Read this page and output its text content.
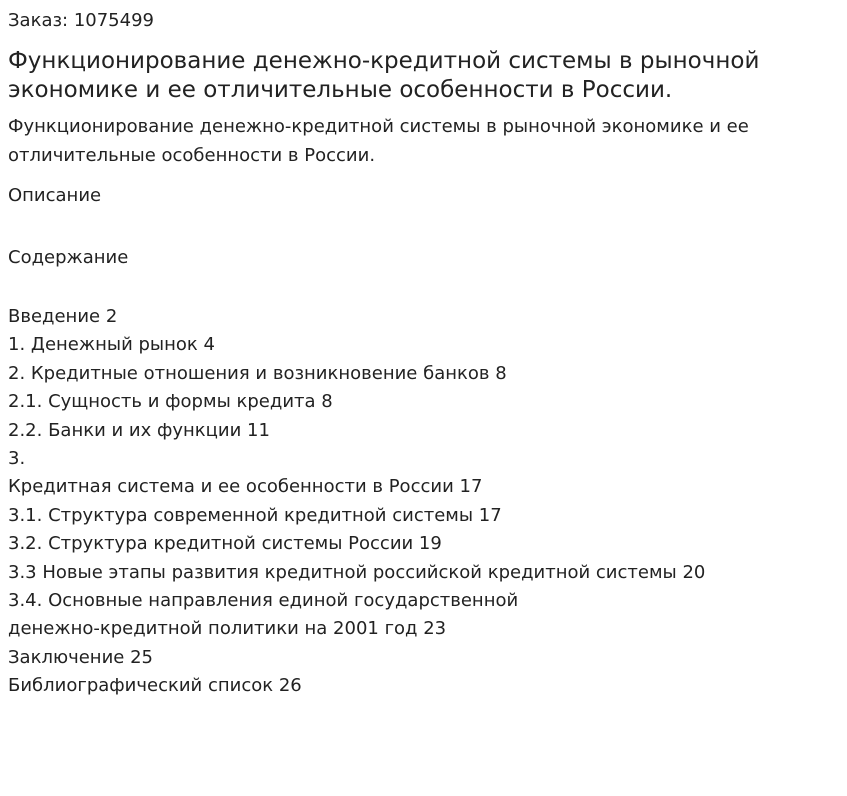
Заказ: 1075499
Функционирование денежно-кредитной системы в рыночной экономике и ее отличительные особенности в России.
Функционирование денежно-кредитной системы в рыночной экономике и ее отличительные особенности в России.
Описание
Содержание
Введение 2
1. Денежный рынок 4
2. Кредитные отношения и возникновение банков 8
2.1. Сущность и формы кредита 8
2.2. Банки и их функции 11
3.
Кредитная система и ее особенности в России 17
3.1. Структура современной кредитной системы 17
3.2. Структура кредитной системы России 19
3.3 Новые этапы развития кредитной российской кредитной системы 20
3.4. Основные направления единой государственной
денежно-кредитной политики на 2001 год 23
Заключение 25
Библиографический список 26
